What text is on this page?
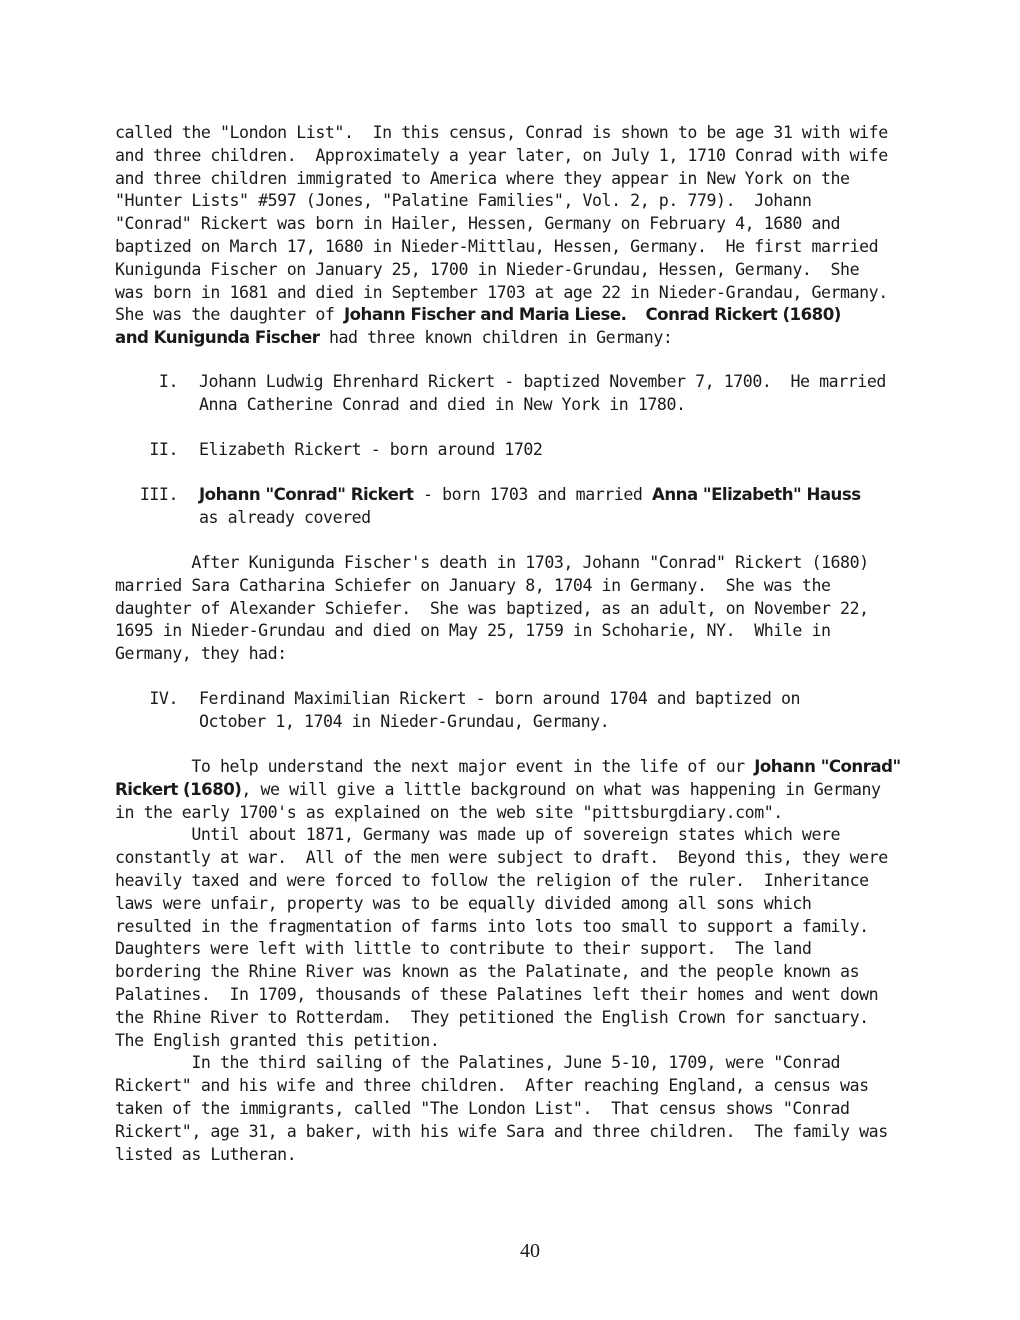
called the "London List".  In this census, Conrad is shown to be age 31 with wife
and three children.  Approximately a year later, on July 1, 1710 Conrad with wife
and three children immigrated to America where they appear in New York on the
"Hunter Lists" #597 (Jones, "Palatine Families", Vol. 2, p. 779).  Johann
"Conrad" Rickert was born in Hailer, Hessen, Germany on February 4, 1680 and
baptized on March 17, 1680 in Nieder-Mittlau, Hessen, Germany.  He first married
Kunigunda Fischer on January 25, 1700 in Nieder-Grundau, Hessen, Germany.  She
was born in 1681 and died in September 1703 at age 22 in Nieder-Grandau, Germany.
She was the daughter of Johann Fischer and Maria Liese. Conrad Rickert (1680)
and Kunigunda Fischer had three known children in Germany:
I. Johann Ludwig Ehrenhard Rickert - baptized November 7, 1700.  He married
Anna Catherine Conrad and died in New York in 1780.
II. Elizabeth Rickert - born around 1702
III. Johann "Conrad" Rickert - born 1703 and married Anna "Elizabeth" Hauss
as already covered
After Kunigunda Fischer's death in 1703, Johann "Conrad" Rickert (1680)
married Sara Catharina Schiefer on January 8, 1704 in Germany.  She was the
daughter of Alexander Schiefer.  She was baptized, as an adult, on November 22,
1695 in Nieder-Grundau and died on May 25, 1759 in Schoharie, NY.  While in
Germany, they had:
IV. Ferdinand Maximilian Rickert - born around 1704 and baptized on
October 1, 1704 in Nieder-Grundau, Germany.
To help understand the next major event in the life of our Johann "Conrad"
Rickert (1680), we will give a little background on what was happening in Germany
in the early 1700's as explained on the web site "pittsburgdiary.com".
Until about 1871, Germany was made up of sovereign states which were
constantly at war.  All of the men were subject to draft.  Beyond this, they were
heavily taxed and were forced to follow the religion of the ruler.  Inheritance
laws were unfair, property was to be equally divided among all sons which
resulted in the fragmentation of farms into lots too small to support a family.
Daughters were left with little to contribute to their support.  The land
bordering the Rhine River was known as the Palatinate, and the people known as
Palatines.  In 1709, thousands of these Palatines left their homes and went down
the Rhine River to Rotterdam.  They petitioned the English Crown for sanctuary.
The English granted this petition.
In the third sailing of the Palatines, June 5-10, 1709, were "Conrad
Rickert" and his wife and three children.  After reaching England, a census was
taken of the immigrants, called "The London List".  That census shows "Conrad
Rickert", age 31, a baker, with his wife Sara and three children.  The family was
listed as Lutheran.
40
